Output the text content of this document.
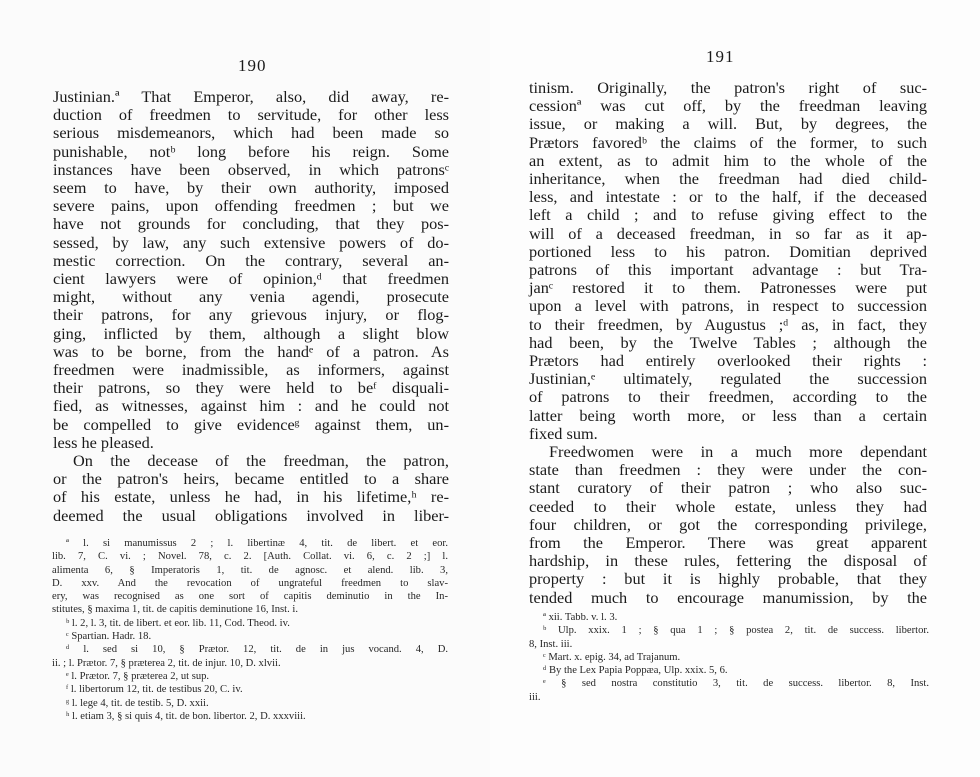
190
Justinian.ª That Emperor, also, did away, re-
duction of freedmen to servitude, for other less
serious misdemeanors, which had been made so
punishable, notᵇ long before his reign. Some
instances have been observed, in which patronsᶜ
seem to have, by their own authority, imposed
severe pains, upon offending freedmen ; but we
have not grounds for concluding, that they pos-
sessed, by law, any such extensive powers of do-
mestic correction. On the contrary, several an-
cient lawyers were of opinion,ᵈ that freedmen
might, without any venia agendi, prosecute
their patrons, for any grievous injury, or flog-
ging, inflicted by them, although a slight blow
was to be borne, from the handᵉ of a patron. As
freedmen were inadmissible, as informers, against
their patrons, so they were held to beᶠ disquali-
fied, as witnesses, against him : and he could not
be compelled to give evidenceᵍ against them, un-
less he pleased.
On the decease of the freedman, the patron,
or the patron's heirs, became entitled to a share
of his estate, unless he had, in his lifetime,ʰ re-
deemed the usual obligations involved in liber-
ª l. si manumissus 2 ; l. libertinæ 4, tit. de libert. et eor.
lib. 7, C. vi. ; Novel. 78, c. 2. [Auth. Collat. vi. 6, c. 2 ;] l.
alimenta 6, § Imperatoris 1, tit. de agnosc. et alend. lib. 3,
D. xxv. And the revocation of ungrateful freedmen to slav-
ery, was recognised as one sort of capitis deminutio in the In-
stitutes, § maxima 1, tit. de capitis deminutione 16, Inst. i.
ᵇ l. 2, l. 3, tit. de libert. et eor. lib. 11, Cod. Theod. iv.
ᶜ Spartian. Hadr. 18.
ᵈ l. sed si 10, § Prætor. 12, tit. de in jus vocand. 4, D.
ii. ; l. Prætor. 7, § præterea 2, tit. de injur. 10, D. xlvii.
ᵉ l. Prætor. 7, § præterea 2, ut sup.
ᶠ l. libertorum 12, tit. de testibus 20, C. iv.
ᵍ l. lege 4, tit. de testib. 5, D. xxii.
ʰ l. etiam 3, § si quis 4, tit. de bon. libertor. 2, D. xxxviii.
191
tinism. Originally, the patron's right of suc-
cessionª was cut off, by the freedman leaving
issue, or making a will. But, by degrees, the
Prætors favoredᵇ the claims of the former, to such
an extent, as to admit him to the whole of the
inheritance, when the freedman had died child-
less, and intestate : or to the half, if the deceased
left a child ; and to refuse giving effect to the
will of a deceased freedman, in so far as it ap-
portioned less to his patron. Domitian deprived
patrons of this important advantage : but Tra-
janᶜ restored it to them. Patronesses were put
upon a level with patrons, in respect to succession
to their freedmen, by Augustus ;ᵈ as, in fact, they
had been, by the Twelve Tables ; although the
Prætors had entirely overlooked their rights :
Justinian,ᵉ ultimately, regulated the succession
of patrons to their freedmen, according to the
latter being worth more, or less than a certain
fixed sum.
Freedwomen were in a much more dependant
state than freedmen : they were under the con-
stant curatory of their patron ; who also suc-
ceeded to their whole estate, unless they had
four children, or got the corresponding privilege,
from the Emperor. There was great apparent
hardship, in these rules, fettering the disposal of
property : but it is highly probable, that they
tended much to encourage manumission, by the
ª xii. Tabb. v. l. 3.
ᵇ Ulp. xxix. 1 ; § qua 1 ; § postea 2, tit. de success. libertor.
8, Inst. iii.
ᶜ Mart. x. epig. 34, ad Trajanum.
ᵈ By the Lex Papia Poppæa, Ulp. xxix. 5, 6.
ᵉ § sed nostra constitutio 3, tit. de success. libertor. 8, Inst.
iii.
